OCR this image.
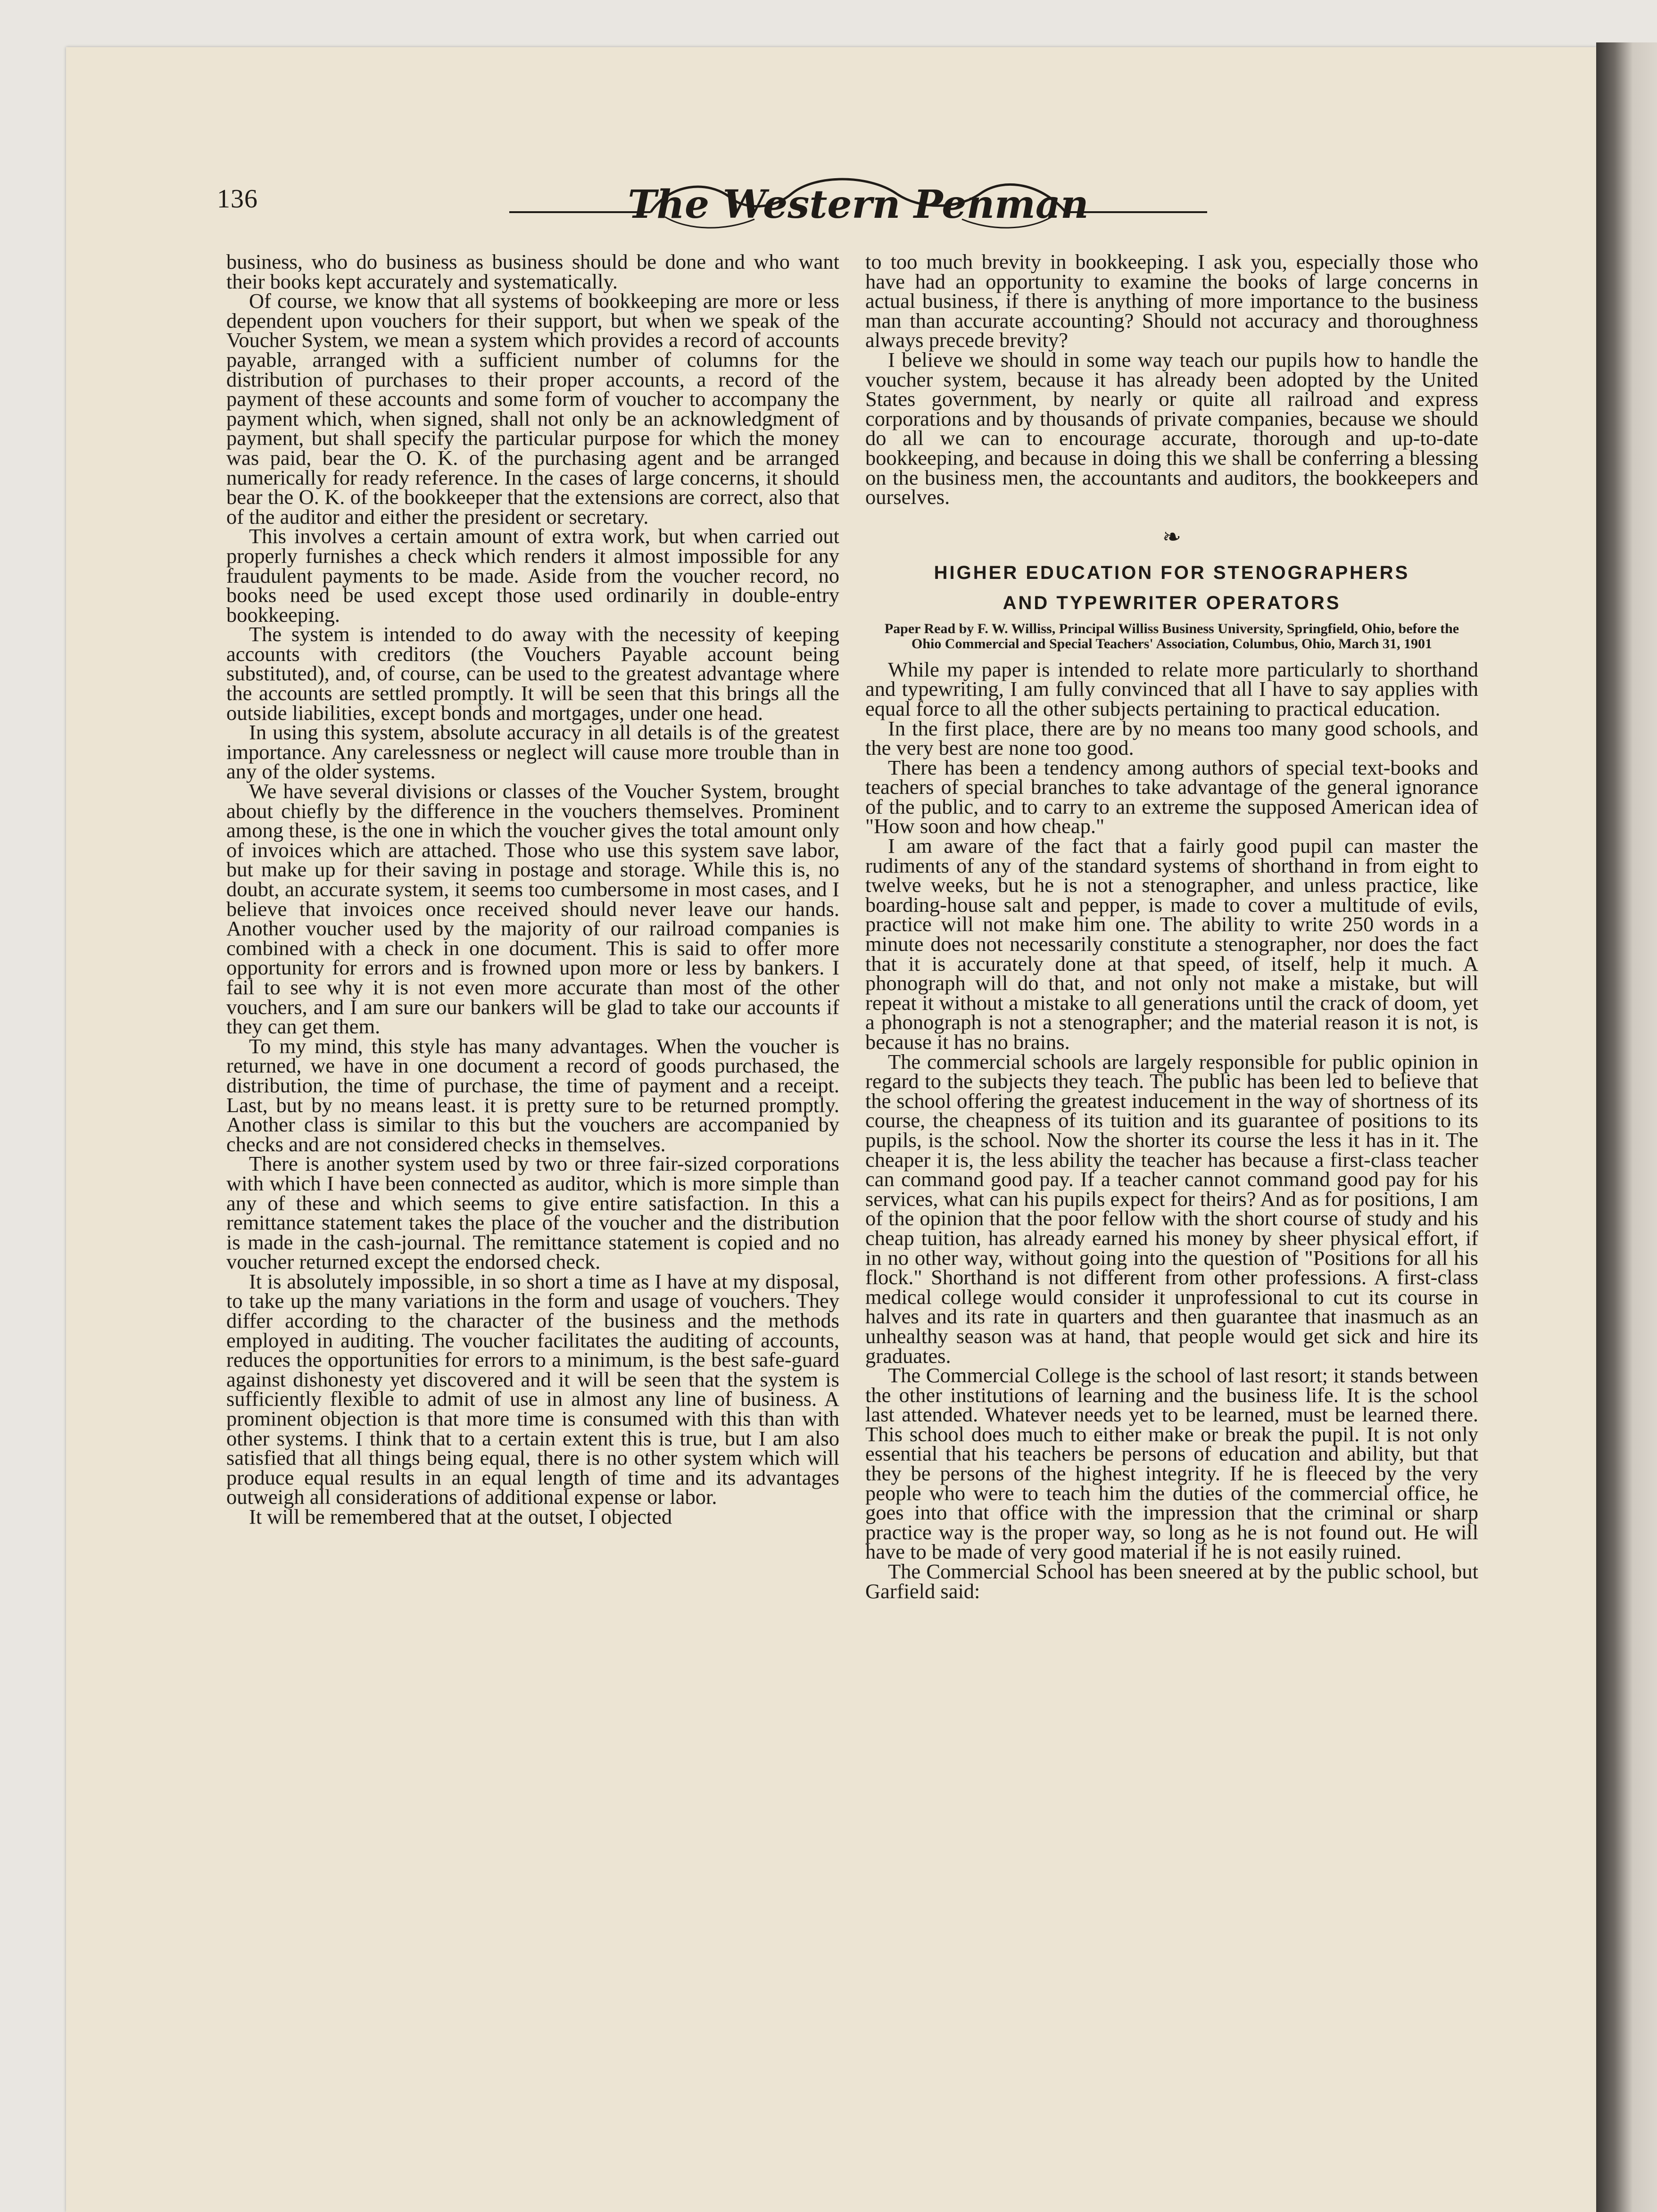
136	The Western Penman

business, who do business as business should be done and who want their books kept accurately and systematically.

Of course, we know that all systems of bookkeeping are more or less dependent upon vouchers for their support, but when we speak of the Voucher System, we mean a system which provides a record of accounts payable, arranged with a sufficient number of columns for the distribution of purchases to their proper accounts, a record of the payment of these accounts and some form of voucher to accompany the payment which, when signed, shall not only be an acknowledgment of payment, but shall specify the particular purpose for which the money was paid, bear the O. K. of the purchasing agent and be arranged numerically for ready reference. In the cases of large concerns, it should bear the O. K. of the bookkeeper that the extensions are correct, also that of the auditor and either the president or secretary.

This involves a certain amount of extra work, but when carried out properly furnishes a check which renders it almost impossible for any fraudulent payments to be made. Aside from the voucher record, no books need be used except those used ordinarily in double-entry bookkeeping.

The system is intended to do away with the necessity of keeping accounts with creditors (the Vouchers Payable account being substituted), and, of course, can be used to the greatest advantage where the accounts are settled promptly. It will be seen that this brings all the outside liabilities, except bonds and mortgages, under one head.

In using this system, absolute accuracy in all details is of the greatest importance. Any carelessness or neglect will cause more trouble than in any of the older systems.

We have several divisions or classes of the Voucher System, brought about chiefly by the difference in the vouchers themselves. Prominent among these, is the one in which the voucher gives the total amount only of invoices which are attached. Those who use this system save labor, but make up for their saving in postage and storage. While this is, no doubt, an accurate system, it seems too cumbersome in most cases, and I believe that invoices once received should never leave our hands. Another voucher used by the majority of our railroad companies is combined with a check in one document. This is said to offer more opportunity for errors and is frowned upon more or less by bankers. I fail to see why it is not even more accurate than most of the other vouchers, and I am sure our bankers will be glad to take our accounts if they can get them.

To my mind, this style has many advantages. When the voucher is returned, we have in one document a record of goods purchased, the distribution, the time of purchase, the time of payment and a receipt. Last, but by no means least. it is pretty sure to be returned promptly. Another class is similar to this but the vouchers are accompanied by checks and are not considered checks in themselves.

There is another system used by two or three fair-sized corporations with which I have been connected as auditor, which is more simple than any of these and which seems to give entire satisfaction. In this a remittance statement takes the place of the voucher and the distribution is made in the cash-journal. The remittance statement is copied and no voucher returned except the endorsed check.

It is absolutely impossible, in so short a time as I have at my disposal, to take up the many variations in the form and usage of vouchers. They differ according to the character of the business and the methods employed in auditing. The voucher facilitates the auditing of accounts, reduces the opportunities for errors to a minimum, is the best safe-guard against dishonesty yet discovered and it will be seen that the system is sufficiently flexible to admit of use in almost any line of business. A prominent objection is that more time is consumed with this than with other systems. I think that to a certain extent this is true, but I am also satisfied that all things being equal, there is no other system which will produce equal results in an equal length of time and its advantages outweigh all considerations of additional expense or labor.

It will be remembered that at the outset, I objected

to too much brevity in bookkeeping. I ask you, especially those who have had an opportunity to examine the books of large concerns in actual business, if there is anything of more importance to the business man than accurate accounting? Should not accuracy and thoroughness always precede brevity?

I believe we should in some way teach our pupils how to handle the voucher system, because it has already been adopted by the United States government, by nearly or quite all railroad and express corporations and by thousands of private companies, because we should do all we can to encourage accurate, thorough and up-to-date bookkeeping, and because in doing this we shall be conferring a blessing on the business men, the accountants and auditors, the bookkeepers and ourselves.

❧
HIGHER EDUCATION FOR STENOGRAPHERS
AND TYPEWRITER OPERATORS
Paper Read by F. W. Williss, Principal Williss Business University, Springfield, Ohio, before the Ohio Commercial and Special Teachers' Association, Columbus, Ohio, March 31, 1901

While my paper is intended to relate more particularly to shorthand and typewriting, I am fully convinced that all I have to say applies with equal force to all the other subjects pertaining to practical education.

In the first place, there are by no means too many good schools, and the very best are none too good.

There has been a tendency among authors of special text-books and teachers of special branches to take advantage of the general ignorance of the public, and to carry to an extreme the supposed American idea of "How soon and how cheap."

I am aware of the fact that a fairly good pupil can master the rudiments of any of the standard systems of shorthand in from eight to twelve weeks, but he is not a stenographer, and unless practice, like boarding-house salt and pepper, is made to cover a multitude of evils, practice will not make him one. The ability to write 250 words in a minute does not necessarily constitute a stenographer, nor does the fact that it is accurately done at that speed, of itself, help it much. A phonograph will do that, and not only not make a mistake, but will repeat it without a mistake to all generations until the crack of doom, yet a phonograph is not a stenographer; and the material reason it is not, is because it has no brains.

The commercial schools are largely responsible for public opinion in regard to the subjects they teach. The public has been led to believe that the school offering the greatest inducement in the way of shortness of its course, the cheapness of its tuition and its guarantee of positions to its pupils, is the school. Now the shorter its course the less it has in it. The cheaper it is, the less ability the teacher has because a first-class teacher can command good pay. If a teacher cannot command good pay for his services, what can his pupils expect for theirs? And as for positions, I am of the opinion that the poor fellow with the short course of study and his cheap tuition, has already earned his money by sheer physical effort, if in no other way, without going into the question of "Positions for all his flock." Shorthand is not different from other professions. A first-class medical college would consider it unprofessional to cut its course in halves and its rate in quarters and then guarantee that inasmuch as an unhealthy season was at hand, that people would get sick and hire its graduates.

The Commercial College is the school of last resort; it stands between the other institutions of learning and the business life. It is the school last attended. Whatever needs yet to be learned, must be learned there. This school does much to either make or break the pupil. It is not only essential that his teachers be persons of education and ability, but that they be persons of the highest integrity. If he is fleeced by the very people who were to teach him the duties of the commercial office, he goes into that office with the impression that the criminal or sharp practice way is the proper way, so long as he is not found out. He will have to be made of very good material if he is not easily ruined.

The Commercial School has been sneered at by the public school, but Garfield said:
